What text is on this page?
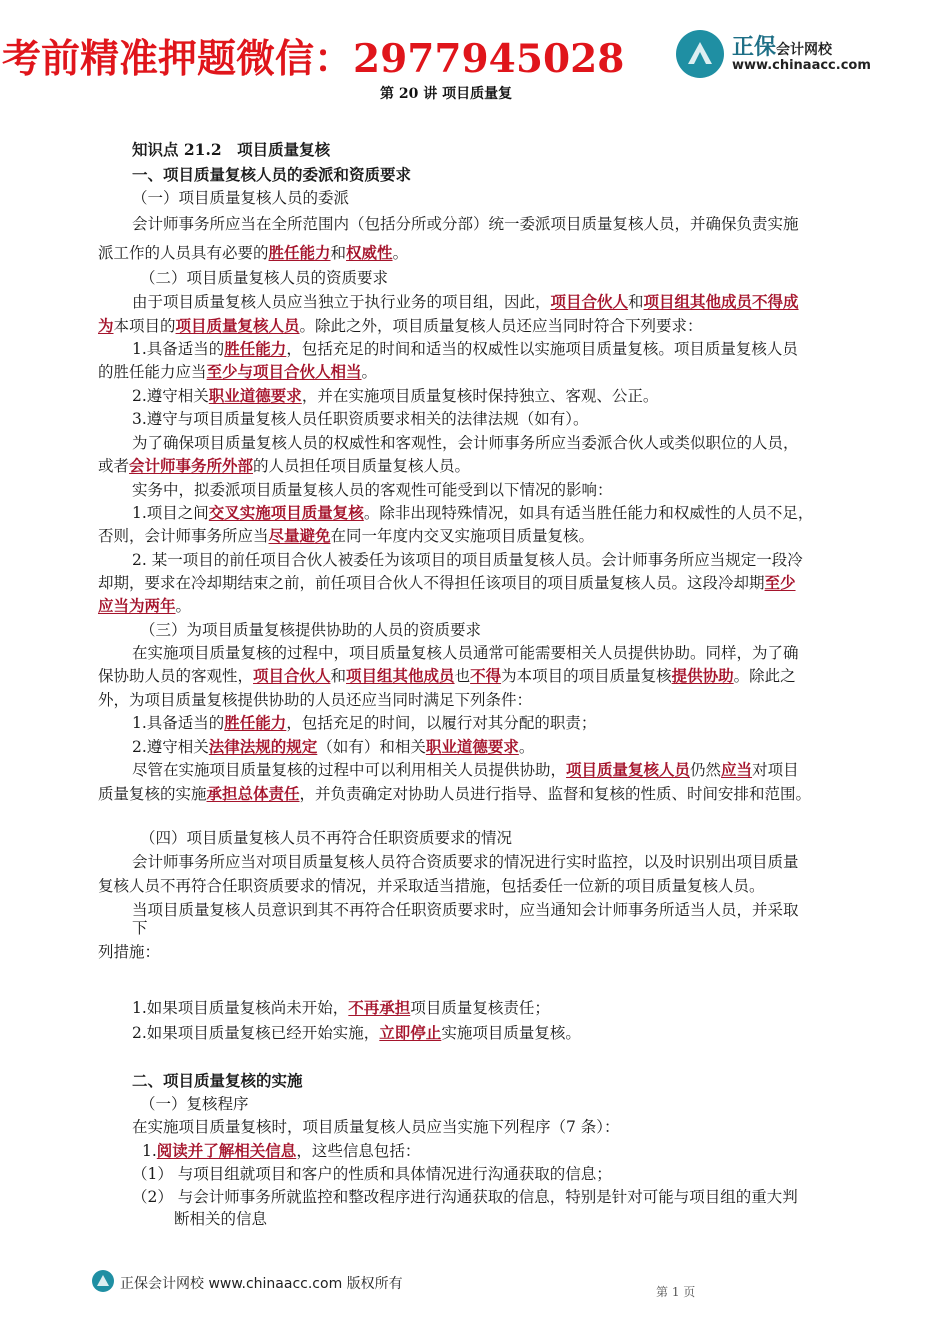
考前精准押题微信：2977945028	正保会计网校
www.chinaacc.com
第 20 讲 项目质量复
知识点 21.2　项目质量复核
一、项目质量复核人员的委派和资质要求
（一）项目质量复核人员的委派
会计师事务所应当在全所范围内（包括分所或分部）统一委派项目质量复核人员，并确保负责实施
派工作的人员具有必要的胜任能力和权威性。
（二）项目质量复核人员的资质要求
由于项目质量复核人员应当独立于执行业务的项目组，因此，项目合伙人和项目组其他成员不得成
为本项目的项目质量复核人员。除此之外，项目质量复核人员还应当同时符合下列要求：
1.具备适当的胜任能力，包括充足的时间和适当的权威性以实施项目质量复核。项目质量复核人员
的胜任能力应当至少与项目合伙人相当。
2.遵守相关职业道德要求，并在实施项目质量复核时保持独立、客观、公正。
3.遵守与项目质量复核人员任职资质要求相关的法律法规（如有）。
为了确保项目质量复核人员的权威性和客观性，会计师事务所应当委派合伙人或类似职位的人员，
或者会计师事务所外部的人员担任项目质量复核人员。
实务中，拟委派项目质量复核人员的客观性可能受到以下情况的影响：
1.项目之间交叉实施项目质量复核。除非出现特殊情况，如具有适当胜任能力和权威性的人员不足，
否则，会计师事务所应当尽量避免在同一年度内交叉实施项目质量复核。
2. 某一项目的前任项目合伙人被委任为该项目的项目质量复核人员。会计师事务所应当规定一段冷
却期，要求在冷却期结束之前，前任项目合伙人不得担任该项目的项目质量复核人员。这段冷却期至少
应当为两年。
（三）为项目质量复核提供协助的人员的资质要求
在实施项目质量复核的过程中，项目质量复核人员通常可能需要相关人员提供协助。同样，为了确
保协助人员的客观性，项目合伙人和项目组其他成员也不得为本项目的项目质量复核提供协助。除此之
外，为项目质量复核提供协助的人员还应当同时满足下列条件：
1.具备适当的胜任能力，包括充足的时间，以履行对其分配的职责；
2.遵守相关法律法规的规定（如有）和相关职业道德要求。
尽管在实施项目质量复核的过程中可以利用相关人员提供协助，项目质量复核人员仍然应当对项目
质量复核的实施承担总体责任，并负责确定对协助人员进行指导、监督和复核的性质、时间安排和范围。
（四）项目质量复核人员不再符合任职资质要求的情况
会计师事务所应当对项目质量复核人员符合资质要求的情况进行实时监控，以及时识别出项目质量
复核人员不再符合任职资质要求的情况，并采取适当措施，包括委任一位新的项目质量复核人员。
当项目质量复核人员意识到其不再符合任职资质要求时，应当通知会计师事务所适当人员，并采取
下
列措施：
1.如果项目质量复核尚未开始，不再承担项目质量复核责任；
2.如果项目质量复核已经开始实施，立即停止实施项目质量复核。
二、项目质量复核的实施
（一）复核程序
在实施项目质量复核时，项目质量复核人员应当实施下列程序（7 条）：
1.阅读并了解相关信息，这些信息包括：
（1） 与项目组就项目和客户的性质和具体情况进行沟通获取的信息；
（2） 与会计师事务所就监控和整改程序进行沟通获取的信息，特别是针对可能与项目组的重大判
断相关的信息
正保会计网校 www.chinaacc.com 版权所有	第 1 页
